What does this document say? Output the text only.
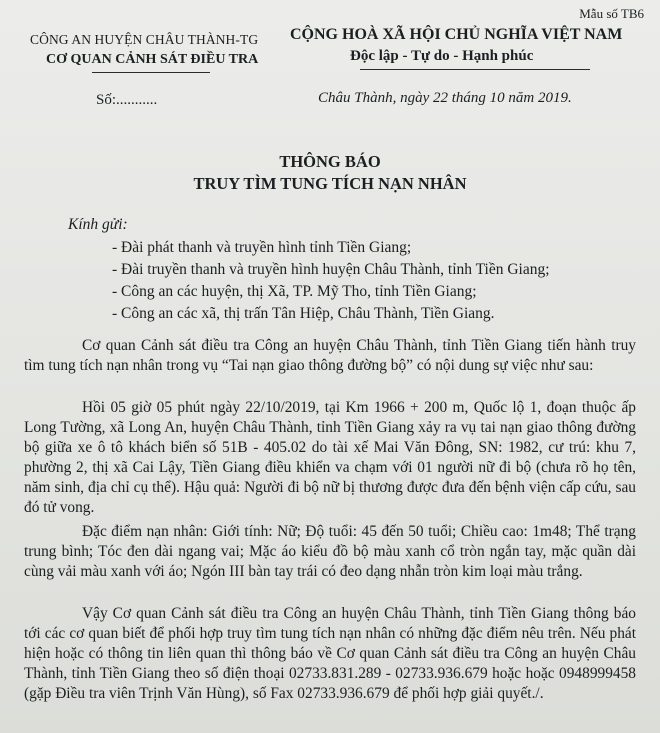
Mẫu số TB6
CÔNG AN HUYỆN CHÂU THÀNH-TG
CƠ QUAN CẢNH SÁT ĐIỀU TRA
CỘNG HOÀ XÃ HỘI CHỦ NGHĨA VIỆT NAM
Độc lập - Tự do - Hạnh phúc
Số:...........	Châu Thành, ngày 22 tháng 10 năm 2019.
THÔNG BÁO
TRUY TÌM TUNG TÍCH NẠN NHÂN
Kính gửi:
- Đài phát thanh và truyền hình tỉnh Tiền Giang;
- Đài truyền thanh và truyền hình huyện Châu Thành, tỉnh Tiền Giang;
- Công an các huyện, thị Xã, TP. Mỹ Tho, tỉnh Tiền Giang;
- Công an các xã, thị trấn Tân Hiệp, Châu Thành, Tiền Giang.

Cơ quan Cảnh sát điều tra Công an huyện Châu Thành, tỉnh Tiền Giang tiến hành truy tìm tung tích nạn nhân trong vụ “Tai nạn giao thông đường bộ” có nội dung sự việc như sau:

Hồi 05 giờ 05 phút ngày 22/10/2019, tại Km 1966 + 200 m, Quốc lộ 1, đoạn thuộc ấp Long Tường, xã Long An, huyện Châu Thành, tỉnh Tiền Giang xảy ra vụ tai nạn giao thông đường bộ giữa xe ô tô khách biển số 51B - 405.02 do tài xế Mai Văn Đông, SN: 1982, cư trú: khu 7, phường 2, thị xã Cai Lậy, Tiền Giang điều khiển va chạm với 01 người nữ đi bộ (chưa rõ họ tên, năm sinh, địa chỉ cụ thể). Hậu quả: Người đi bộ nữ bị thương được đưa đến bệnh viện cấp cứu, sau đó tử vong.

Đặc điểm nạn nhân: Giới tính: Nữ; Độ tuổi: 45 đến 50 tuổi; Chiều cao: 1m48; Thể trạng trung bình; Tóc đen dài ngang vai; Mặc áo kiểu đồ bộ màu xanh cổ tròn ngắn tay, mặc quần dài cùng vải màu xanh với áo; Ngón III bàn tay trái có đeo dạng nhẫn tròn kim loại màu trắng.

Vậy Cơ quan Cảnh sát điều tra Công an huyện Châu Thành, tỉnh Tiền Giang thông báo tới các cơ quan biết để phối hợp truy tìm tung tích nạn nhân có những đặc điểm nêu trên. Nếu phát hiện hoặc có thông tin liên quan thì thông báo về Cơ quan Cảnh sát điều tra Công an huyện Châu Thành, tỉnh Tiền Giang theo số điện thoại 02733.831.289 - 02733.936.679 hoặc hoặc 0948999458 (gặp Điều tra viên Trịnh Văn Hùng), số Fax 02733.936.679 để phối hợp giải quyết./.
